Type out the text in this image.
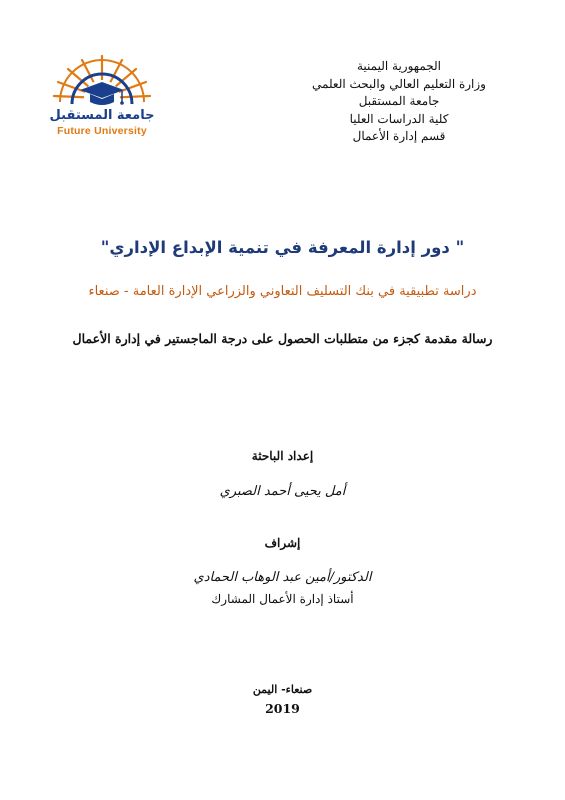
جامعة المستقبل
Future University
الجمهورية اليمنية
وزارة التعليم العالي والبحث العلمي
جامعة المستقبل
كلية الدراسات العليا
قسم إدارة الأعمال
" دور إدارة المعرفة في تنمية الإبداع الإداري"
دراسة تطبيقية في بنك التسليف التعاوني والزراعي الإدارة العامة - صنعاء
رسالة مقدمة كجزء من متطلبات الحصول على درجة الماجستير في إدارة الأعمال
إعداد الباحثة
أمل يحيى أحمد الصبري
إشراف
الدكتور/أمين عبد الوهاب الحمادي
أستاذ إدارة الأعمال المشارك
صنعاء- اليمن
2019
